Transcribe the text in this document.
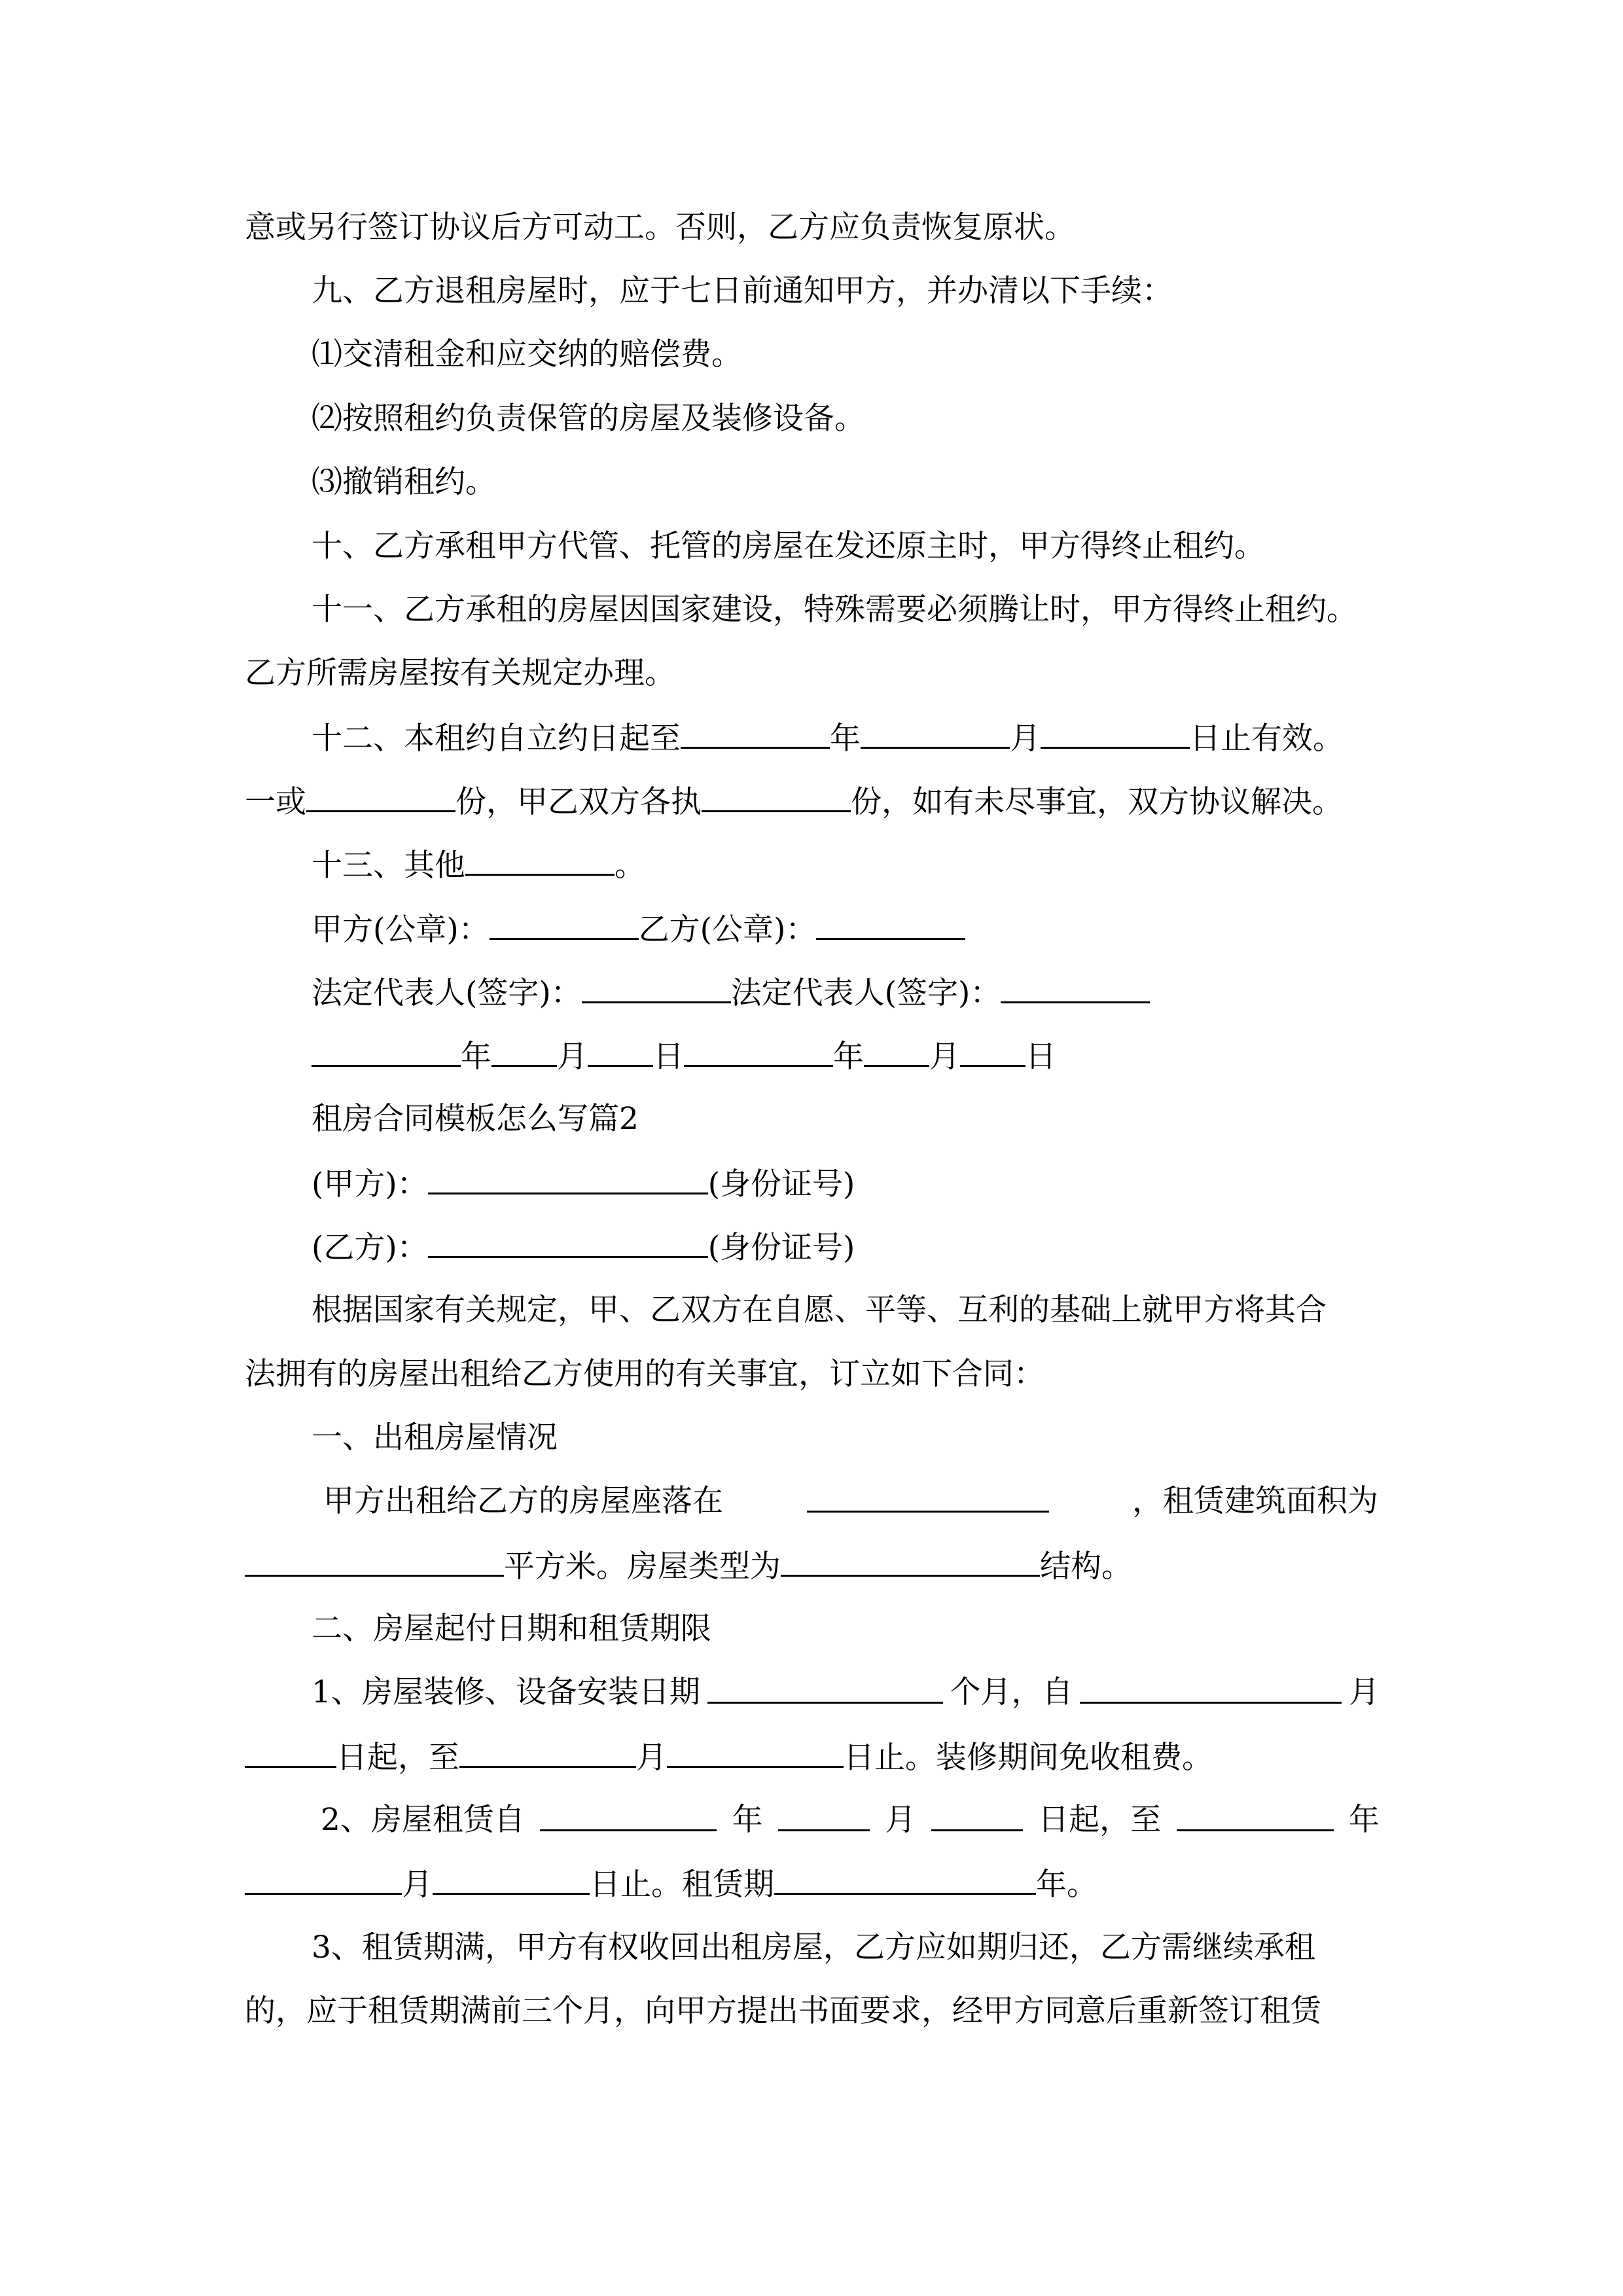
意或另行签订协议后方可动工。否则，乙方应负责恢复原状。
九、乙方退租房屋时，应于七日前通知甲方，并办清以下手续：
⑴交清租金和应交纳的赔偿费。
⑵按照租约负责保管的房屋及装修设备。
⑶撤销租约。
十、乙方承租甲方代管、托管的房屋在发还原主时，甲方得终止租约。
十一、乙方承租的房屋因国家建设，特殊需要必须腾让时，甲方得终止租约。
乙方所需房屋按有关规定办理。
十二、本租约自立约日起至	年	月	日止有效。
一或	份，甲乙双方各执	份，如有未尽事宜，双方协议解决。
十三、其他	。
甲方(公章)：	乙方(公章)：
法定代表人(签字)：	法定代表人(签字)：
年 月 日	年 月 日
租房合同模板怎么写篇2
(甲方)：	(身份证号)
(乙方)：	(身份证号)
根据国家有关规定，甲、乙双方在自愿、平等、互利的基础上就甲方将其合
法拥有的房屋出租给乙方使用的有关事宜，订立如下合同：
一、出租房屋情况
甲方出租给乙方的房屋座落在	，租赁建筑面积为
平方米。房屋类型为	结构。
二、房屋起付日期和租赁期限
1、房屋装修、设备安装日期	个月，自	月
日起，至	月	日止。装修期间免收租费。
2、房屋租赁自	年	月	日起，至	年
月	日止。租赁期	年。
3、租赁期满，甲方有权收回出租房屋，乙方应如期归还，乙方需继续承租
的，应于租赁期满前三个月，向甲方提出书面要求，经甲方同意后重新签订租赁
